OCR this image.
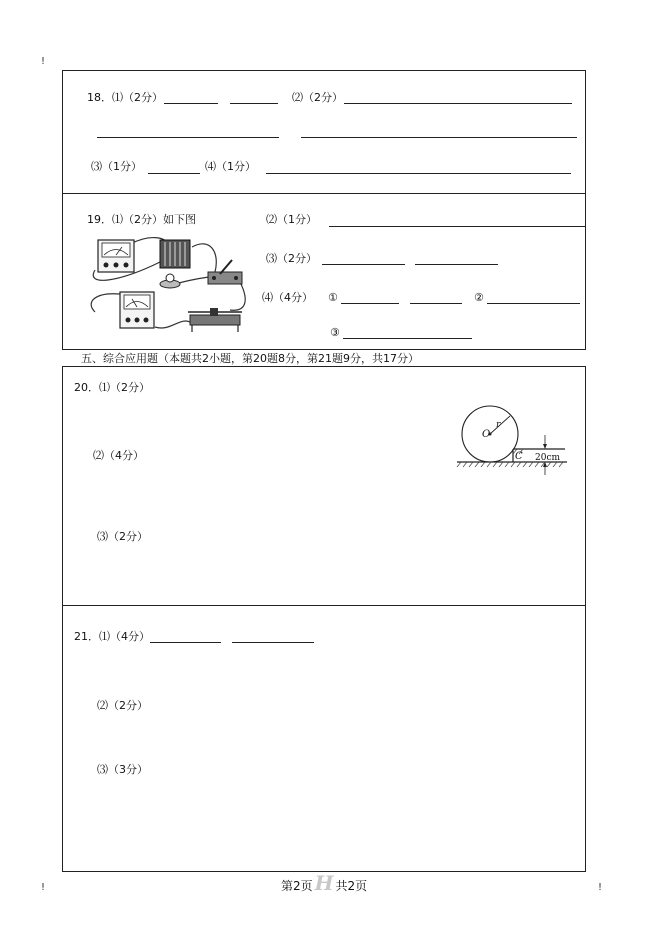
!
!	!
18．⑴（2分）	⑵（2分）
⑶（1分）	⑷（1分）
19．⑴（2分）如下图	⑵（1分）
⑶（2分）
⑷（4分） ①	②
③
五、综合应用题（本题共2小题，第20题8分，第21题9分，共17分）
20．⑴（2分）
⑵（4分）
⑶（2分）
O
r
C 20cm
21．⑴（4分）
⑵（2分）
⑶（3分）
第2页 H 共2页
